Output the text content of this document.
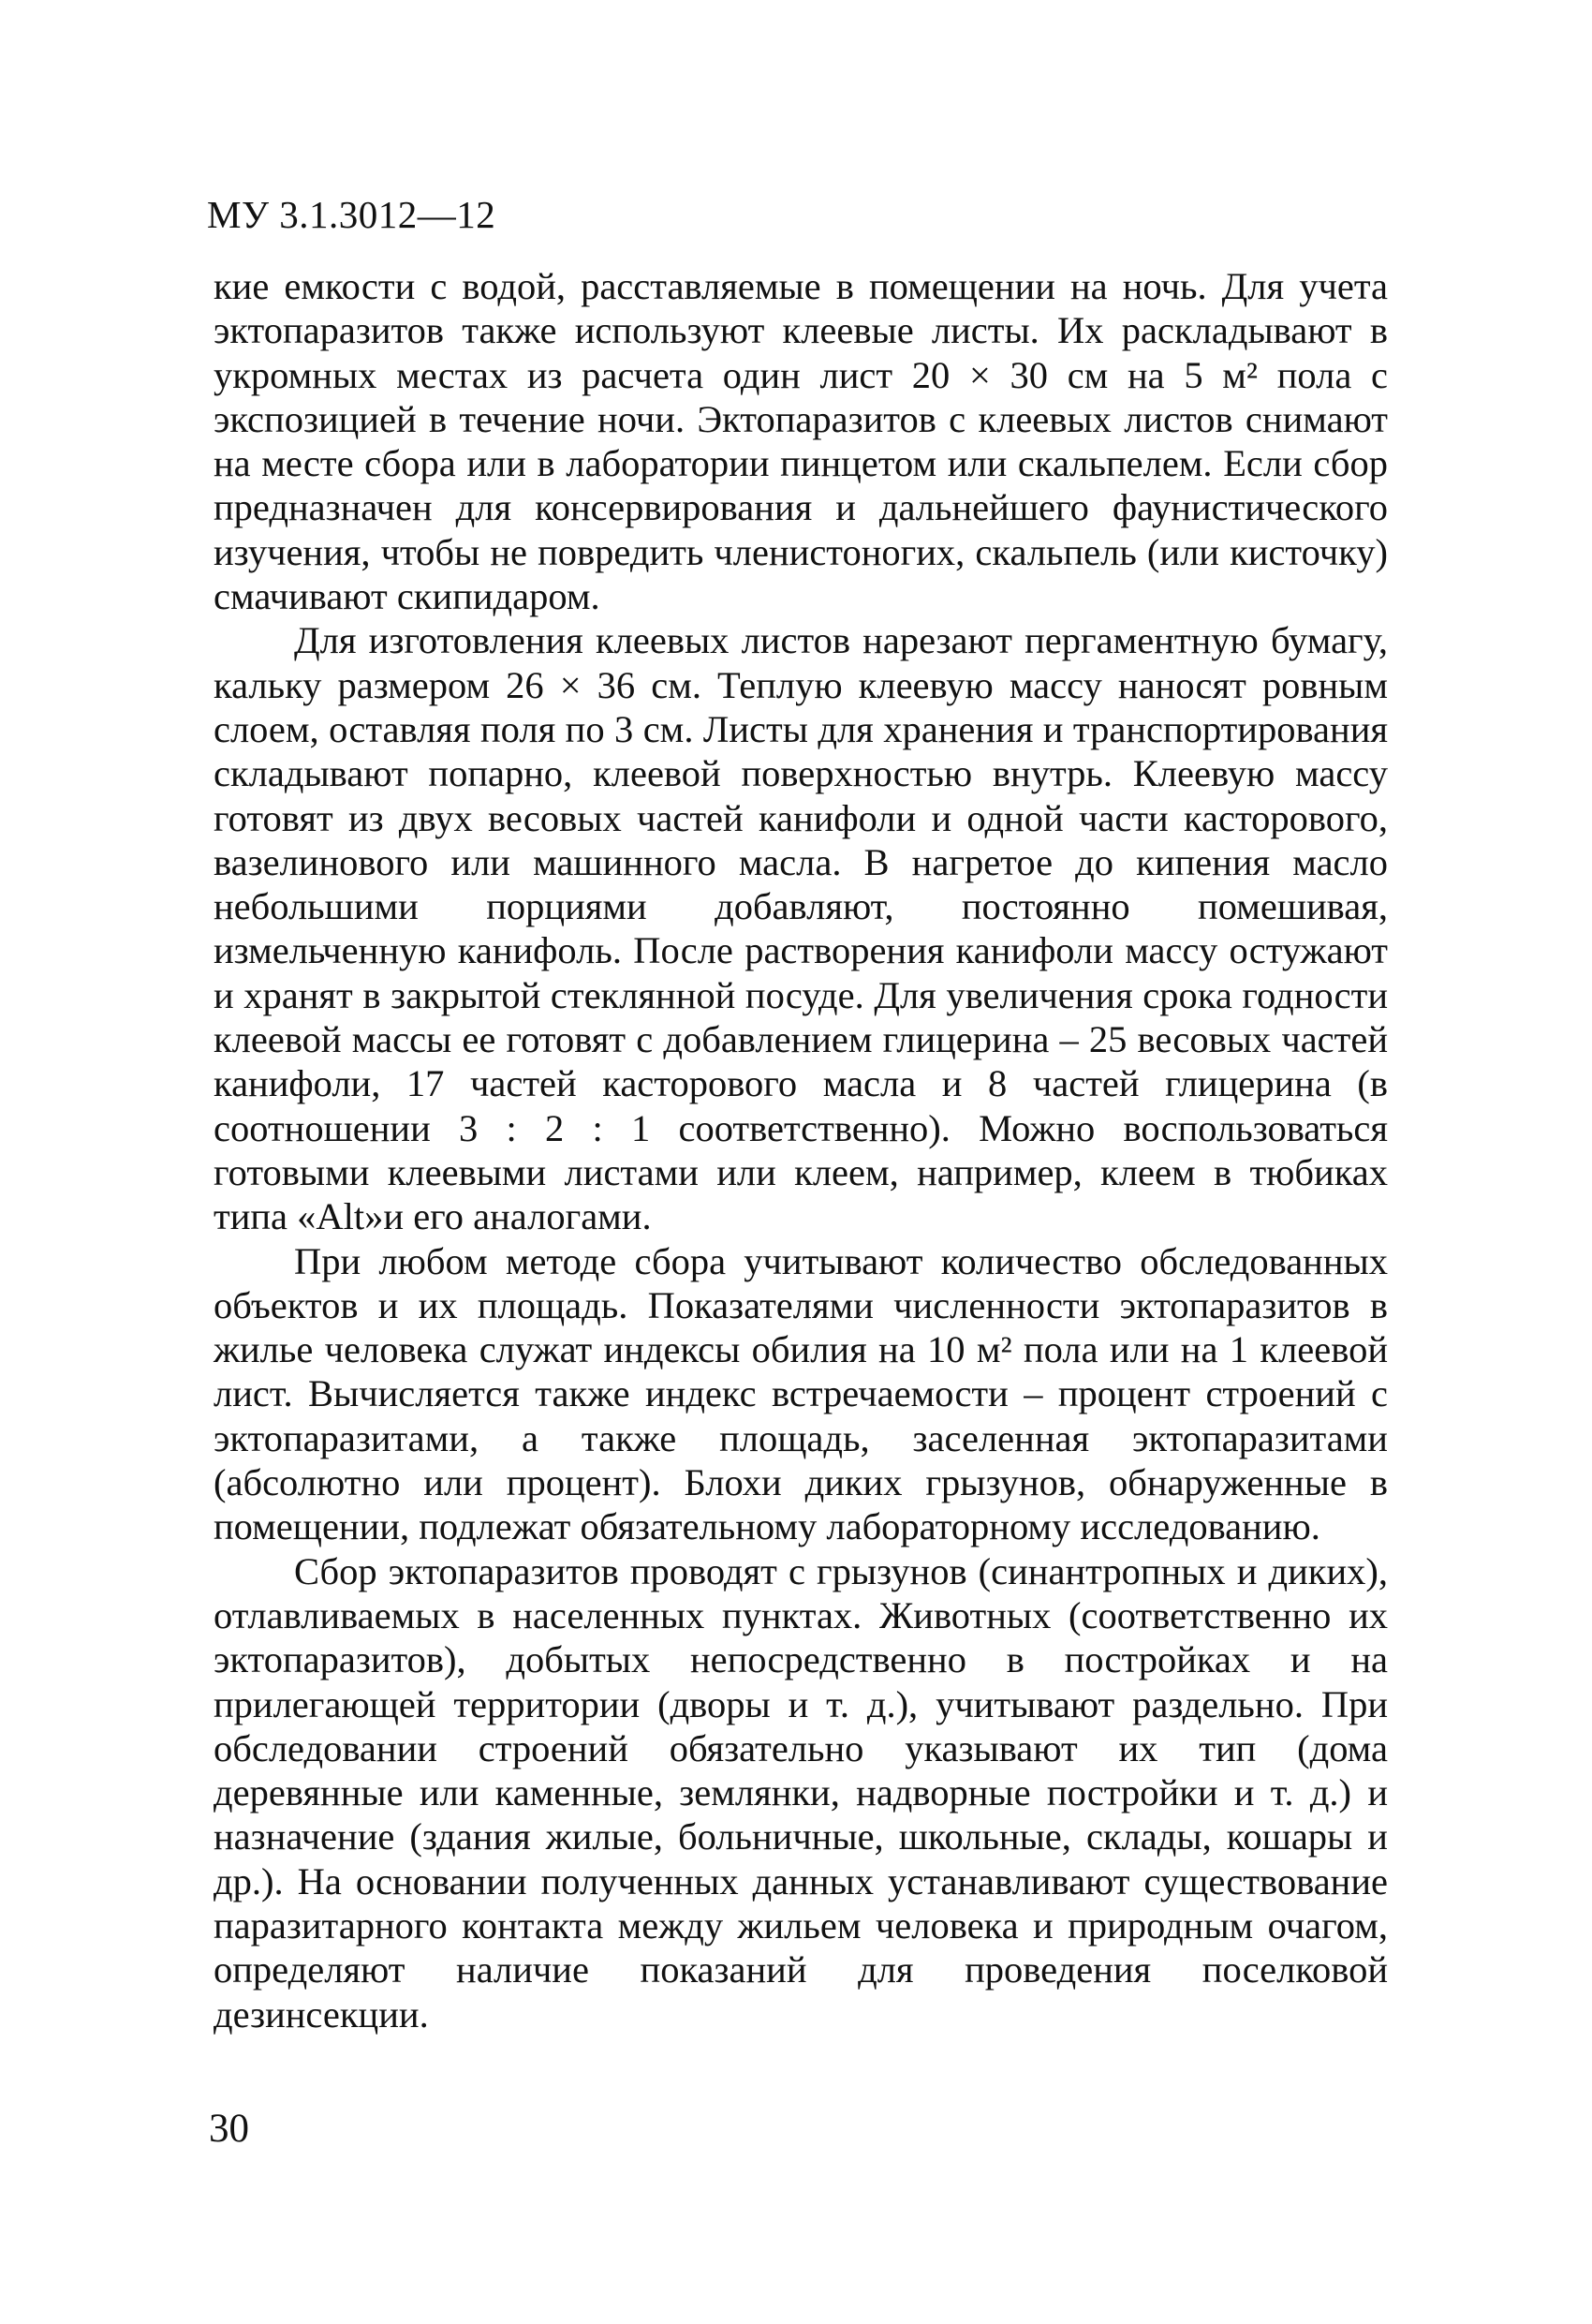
МУ 3.1.3012—12

кие емкости с водой, расставляемые в помещении на ночь. Для учета эктопаразитов также используют клеевые листы. Их раскладывают в укромных местах из расчета один лист 20 × 30 см на 5 м² пола с экспозицией в течение ночи. Эктопаразитов с клеевых листов снимают на месте сбора или в лаборатории пинцетом или скальпелем. Если сбор предназначен для консервирования и дальнейшего фаунистического изучения, чтобы не повредить членистоногих, скальпель (или кисточку) смачивают скипидаром.

Для изготовления клеевых листов нарезают пергаментную бумагу, кальку размером 26 × 36 см. Теплую клеевую массу наносят ровным слоем, оставляя поля по 3 см. Листы для хранения и транспортирования складывают попарно, клеевой поверхностью внутрь. Клеевую массу готовят из двух весовых частей канифоли и одной части касторового, вазелинового или машинного масла. В нагретое до кипения масло небольшими порциями добавляют, постоянно помешивая, измельченную канифоль. После растворения канифоли массу остужают и хранят в закрытой стеклянной посуде. Для увеличения срока годности клеевой массы ее готовят с добавлением глицерина – 25 весовых частей канифоли, 17 частей касторового масла и 8 частей глицерина (в соотношении 3 : 2 : 1 соответственно). Можно воспользоваться готовыми клеевыми листами или клеем, например, клеем в тюбиках типа «Alt»и его аналогами.

При любом методе сбора учитывают количество обследованных объектов и их площадь. Показателями численности эктопаразитов в жилье человека служат индексы обилия на 10 м² пола или на 1 клеевой лист. Вычисляется также индекс встречаемости – процент строений с эктопаразитами, а также площадь, заселенная эктопаразитами (абсолютно или процент). Блохи диких грызунов, обнаруженные в помещении, подлежат обязательному лабораторному исследованию.

Сбор эктопаразитов проводят с грызунов (синантропных и диких), отлавливаемых в населенных пунктах. Животных (соответственно их эктопаразитов), добытых непосредственно в постройках и на прилегающей территории (дворы и т. д.), учитывают раздельно. При обследовании строений обязательно указывают их тип (дома деревянные или каменные, землянки, надворные постройки и т. д.) и назначение (здания жилые, больничные, школьные, склады, кошары и др.). На основании полученных данных устанавливают существование паразитарного контакта между жильем человека и природным очагом, определяют наличие показаний для проведения поселковой дезинсекции.

30
